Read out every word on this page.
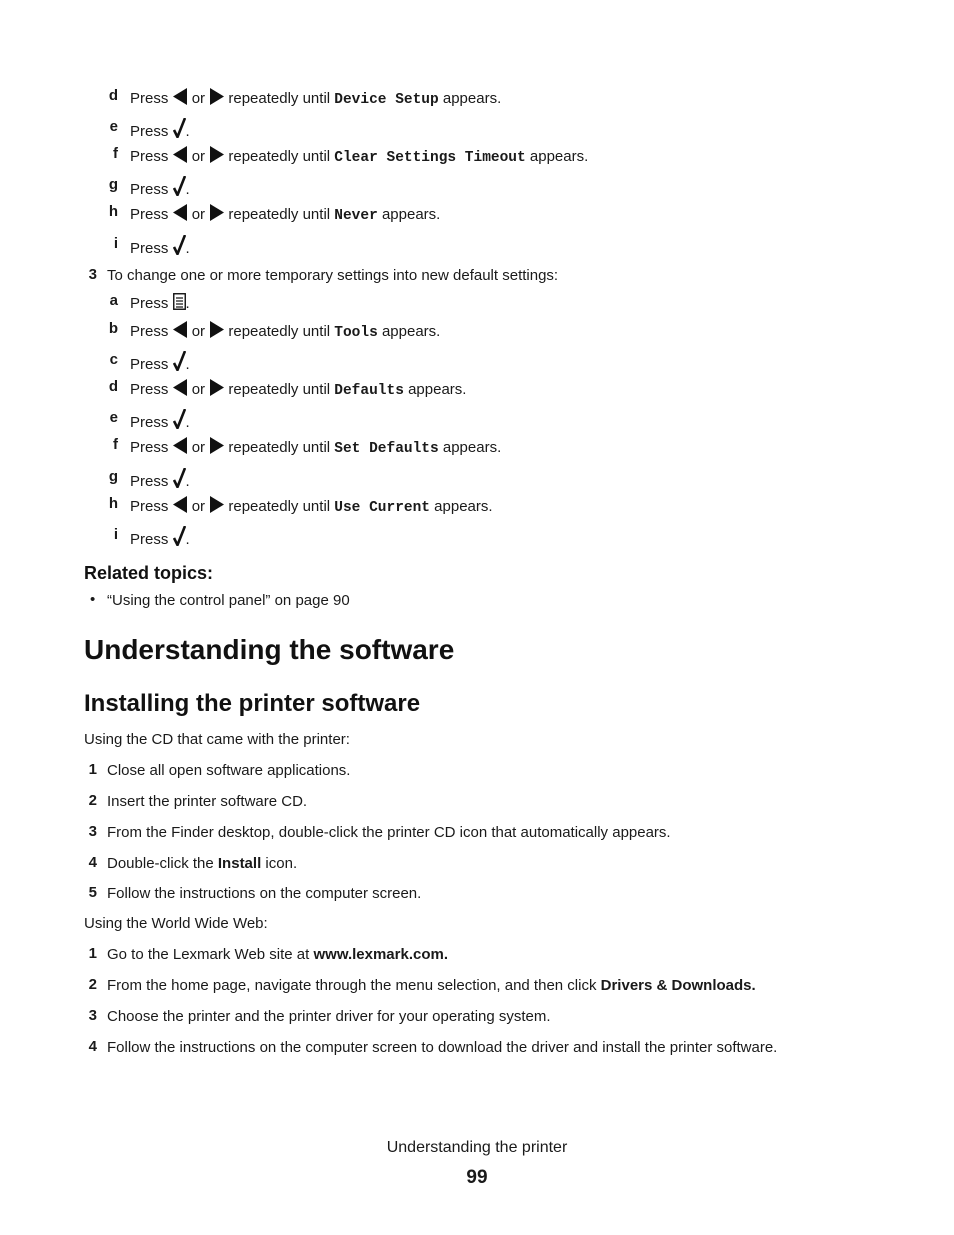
d Press or repeatedly until Device Setup appears.
e Press .
f Press or repeatedly until Clear Settings Timeout appears.
g Press .
h Press or repeatedly until Never appears.
i Press .
3 To change one or more temporary settings into new default settings:
a Press .
b Press or repeatedly until Tools appears.
c Press .
d Press or repeatedly until Defaults appears.
e Press .
f Press or repeatedly until Set Defaults appears.
g Press .
h Press or repeatedly until Use Current appears.
i Press .
Related topics:
• “Using the control panel” on page 90
Understanding the software
Installing the printer software
Using the CD that came with the printer:
1 Close all open software applications.
2 Insert the printer software CD.
3 From the Finder desktop, double-click the printer CD icon that automatically appears.
4 Double-click the Install icon.
5 Follow the instructions on the computer screen.
Using the World Wide Web:
1 Go to the Lexmark Web site at www.lexmark.com.
2 From the home page, navigate through the menu selection, and then click Drivers & Downloads.
3 Choose the printer and the printer driver for your operating system.
4 Follow the instructions on the computer screen to download the driver and install the printer software.
Understanding the printer
99
